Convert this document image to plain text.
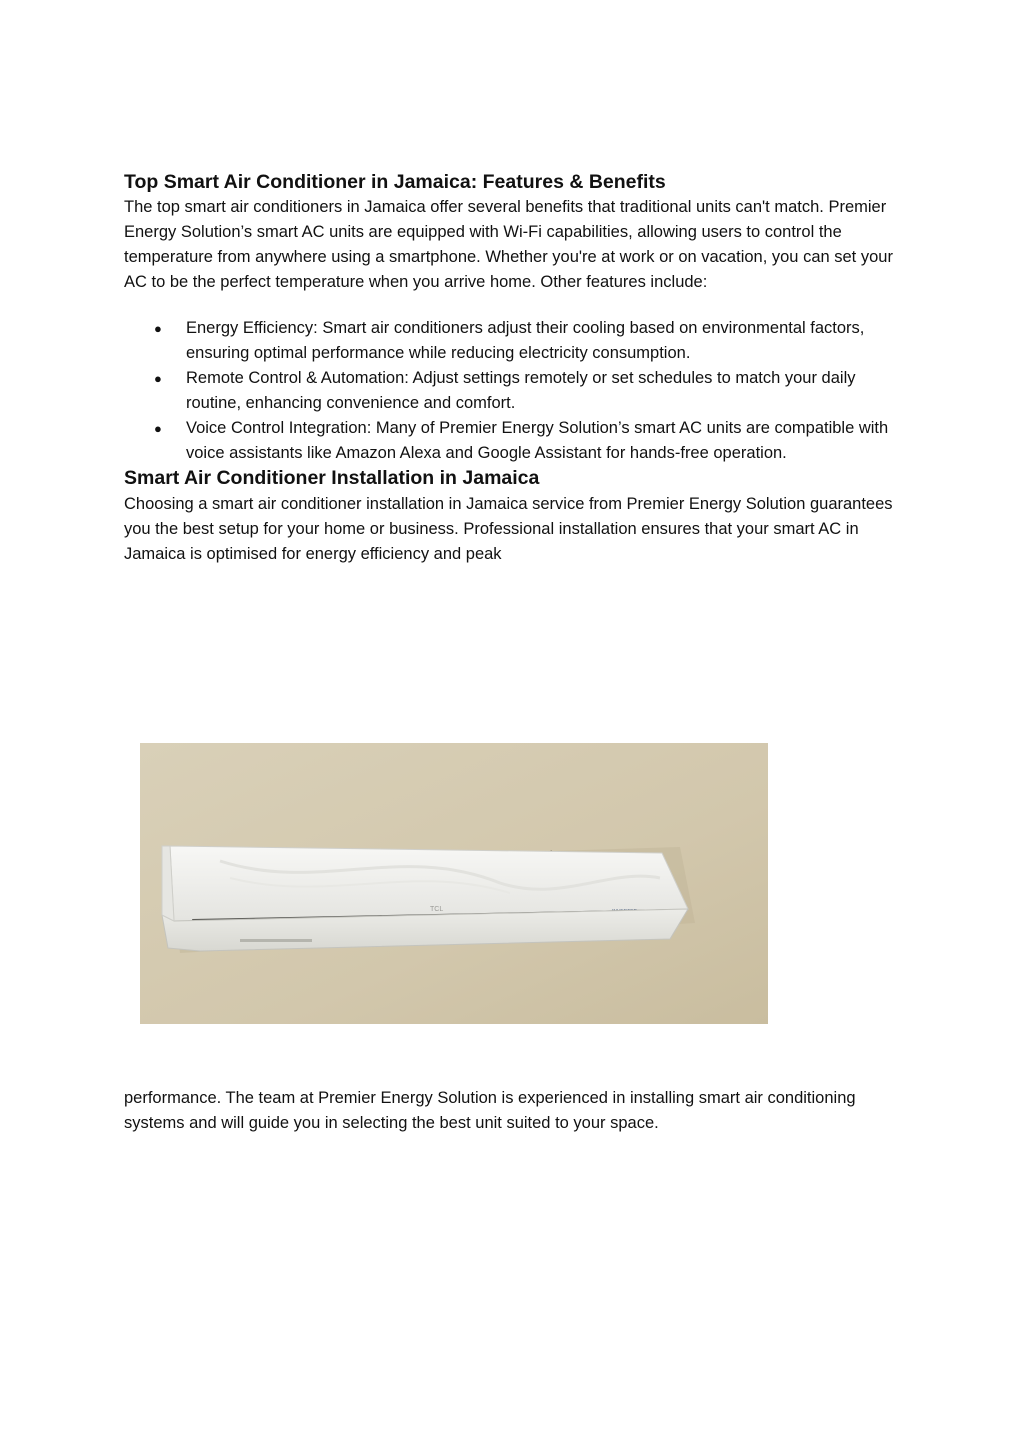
Top Smart Air Conditioner in Jamaica: Features & Benefits

The top smart air conditioners in Jamaica offer several benefits that traditional units can't match. Premier Energy Solution’s smart AC units are equipped with Wi-Fi capabilities, allowing users to control the temperature from anywhere using a smartphone. Whether you're at work or on vacation, you can set your AC to be the perfect temperature when you arrive home. Other features include:

● Energy Efficiency: Smart air conditioners adjust their cooling based on environmental factors, ensuring optimal performance while reducing electricity consumption.
● Remote Control & Automation: Adjust settings remotely or set schedules to match your daily routine, enhancing convenience and comfort.
● Voice Control Integration: Many of Premier Energy Solution’s smart AC units are compatible with voice assistants like Amazon Alexa and Google Assistant for hands-free operation.
Smart Air Conditioner Installation in Jamaica

Choosing a smart air conditioner installation in Jamaica service from Premier Energy Solution guarantees you the best setup for your home or business. Professional installation ensures that your smart AC in Jamaica is optimised for energy efficiency and peak

TCL

performance. The team at Premier Energy Solution is experienced in installing smart air conditioning systems and will guide you in selecting the best unit suited to your space.
